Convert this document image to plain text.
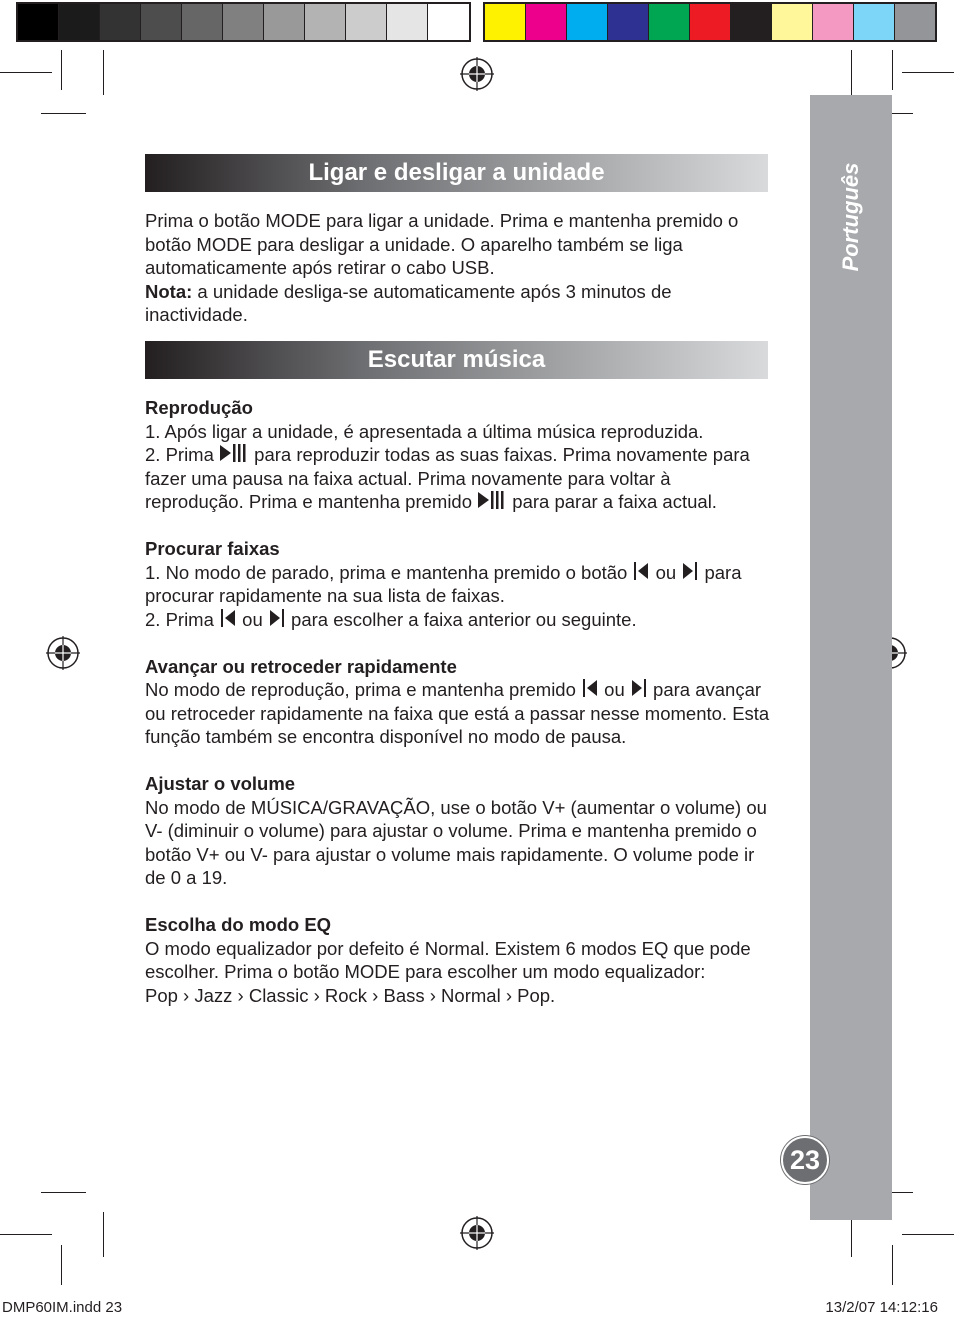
Português
23
Ligar e desligar a unidade

Prima o botão MODE para ligar a unidade. Prima e mantenha premido o botão MODE para desligar a unidade. O aparelho também se liga automaticamente após retirar o cabo USB.

Nota: a unidade desliga-se automaticamente após 3 minutos de inactividade.

Escutar música

Reprodução

1. Após ligar a unidade, é apresentada a última música reproduzida.

2. Prima  para reproduzir todas as suas faixas. Prima novamente para fazer uma pausa na faixa actual. Prima novamente para voltar à reprodução. Prima e mantenha premido  para parar a faixa actual.

Procurar faixas

1. No modo de parado, prima e mantenha premido o botão  ou  para procurar rapidamente na sua lista de faixas.

2. Prima  ou  para escolher a faixa anterior ou seguinte.

Avançar ou retroceder rapidamente

No modo de reprodução, prima e mantenha premido  ou  para avançar ou retroceder rapidamente na faixa que está a passar nesse momento. Esta função também se encontra disponível no modo de pausa.

Ajustar o volume

No modo de MÚSICA/GRAVAÇÃO, use o botão V+ (aumentar o volume) ou V- (diminuir o volume) para ajustar o volume. Prima e mantenha premido o botão V+ ou V- para ajustar o volume mais rapidamente. O volume pode ir de 0 a 19.

Escolha do modo EQ

O modo equalizador por defeito é Normal. Existem 6 modos EQ que pode escolher. Prima o botão MODE para escolher um modo equalizador:

Pop › Jazz › Classic › Rock › Bass › Normal › Pop.

DMP60IM.indd 23	13/2/07 14:12:16
